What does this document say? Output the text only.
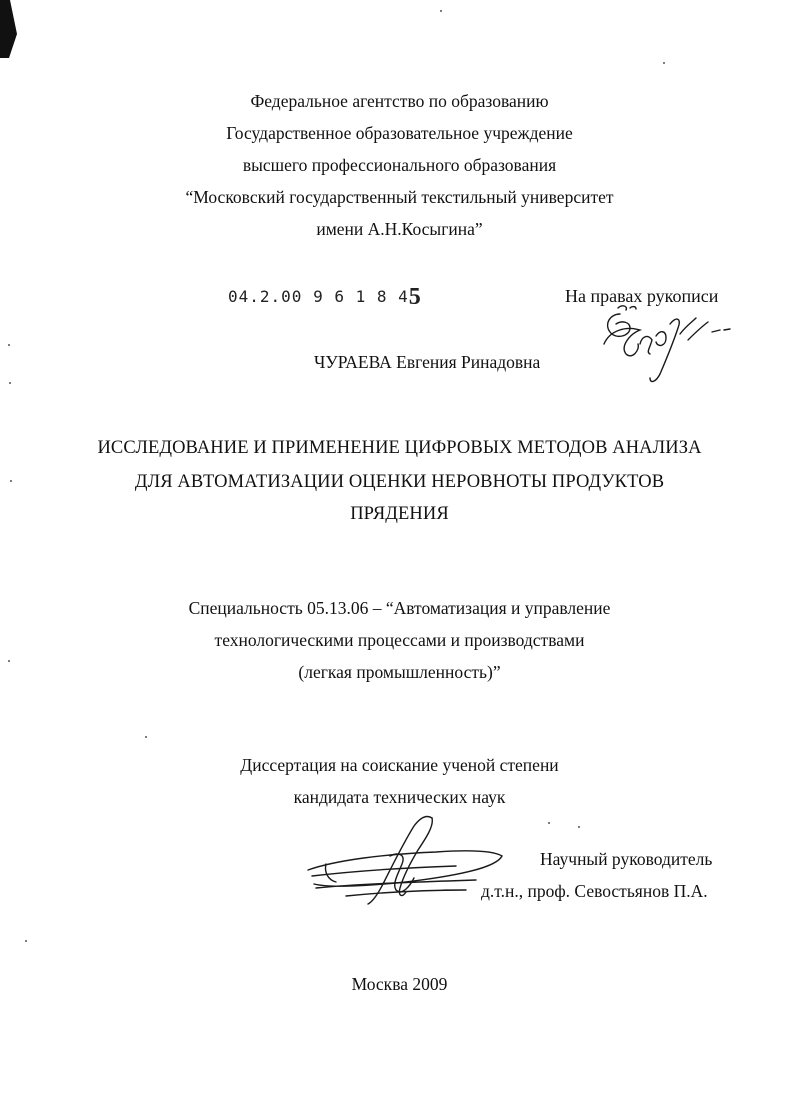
Федеральное агентство по образованию
Государственное образовательное учреждение
высшего профессионального образования
“Московский государственный текстильный университет
имени А.Н.Косыгина”
04.2.00 9 6 1 8 45	На правах рукописи
ЧУРАЕВА Евгения Ринадовна
ИССЛЕДОВАНИЕ И ПРИМЕНЕНИЕ ЦИФРОВЫХ МЕТОДОВ АНАЛИЗА
ДЛЯ АВТОМАТИЗАЦИИ ОЦЕНКИ НЕРОВНОТЫ ПРОДУКТОВ
ПРЯДЕНИЯ
Специальность 05.13.06 – “Автоматизация и управление
технологическими процессами и производствами
(легкая промышленность)”
Диссертация на соискание ученой степени
кандидата технических наук
Научный руководитель
д.т.н., проф. Севостьянов П.А.
Москва 2009
